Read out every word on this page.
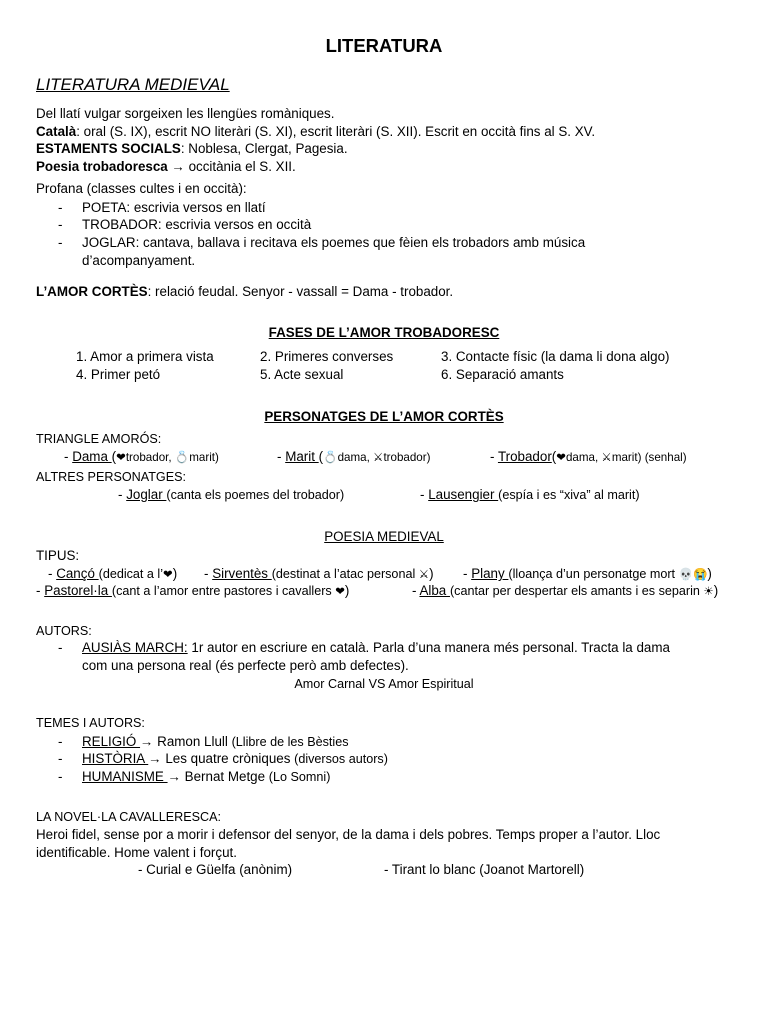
LITERATURA
LITERATURA MEDIEVAL
Del llatí vulgar sorgeixen les llengües romàniques.
Català: oral (S. IX), escrit NO literàri (S. XI), escrit literàri (S. XII). Escrit en occità fins al S. XV.
ESTAMENTS SOCIALS: Noblesa, Clergat, Pagesia.
Poesia trobadoresca → occitània el S. XII.
Profana (classes cultes i en occità):
- POETA: escrivia versos en llatí
- TROBADOR: escrivia versos en occità
- JOGLAR: cantava, ballava i recitava els poemes que fèien els trobadors amb música
d’acompanyament.
L’AMOR CORTÈS: relació feudal. Senyor - vassall = Dama - trobador.
FASES DE L’AMOR TROBADORESC
1. Amor a primera vista	2. Primeres converses	3. Contacte físic (la dama li dona algo)
4. Primer petó	5. Acte sexual	6. Separació amants
PERSONATGES DE L’AMOR CORTÈS
TRIANGLE AMORÓS:
- Dama (❤trobador, 💍marit)	- Marit (💍dama, ⚔trobador)	- Trobador(❤dama, ⚔marit) (senhal)
ALTRES PERSONATGES:
- Joglar (canta els poemes del trobador)	- Lausengier (espía i es “xiva” al marit)
POESIA MEDIEVAL
TIPUS:
- Cançó (dedicat a l’❤) - Sirventès (destinat a l’atac personal ⚔) - Plany (lloança d’un personatge mort 💀😭)
- Pastorel·la (cant a l’amor entre pastores i cavallers ❤)	- Alba (cantar per despertar els amants i es separin ☀)
AUTORS:
- AUSIÀS MARCH: 1r autor en escriure en català. Parla d’una manera més personal. Tracta la dama
com una persona real (és perfecte però amb defectes).
Amor Carnal VS Amor Espiritual
TEMES I AUTORS:
- RELIGIÓ → Ramon Llull (Llibre de les Bèsties
- HISTÒRIA → Les quatre cròniques (diversos autors)
- HUMANISME → Bernat Metge (Lo Somni)
LA NOVEL·LA CAVALLERESCA:
Heroi fidel, sense por a morir i defensor del senyor, de la dama i dels pobres. Temps proper a l’autor. Lloc
identificable. Home valent i forçut.
- Curial e Güelfa (anònim)	- Tirant lo blanc (Joanot Martorell)
